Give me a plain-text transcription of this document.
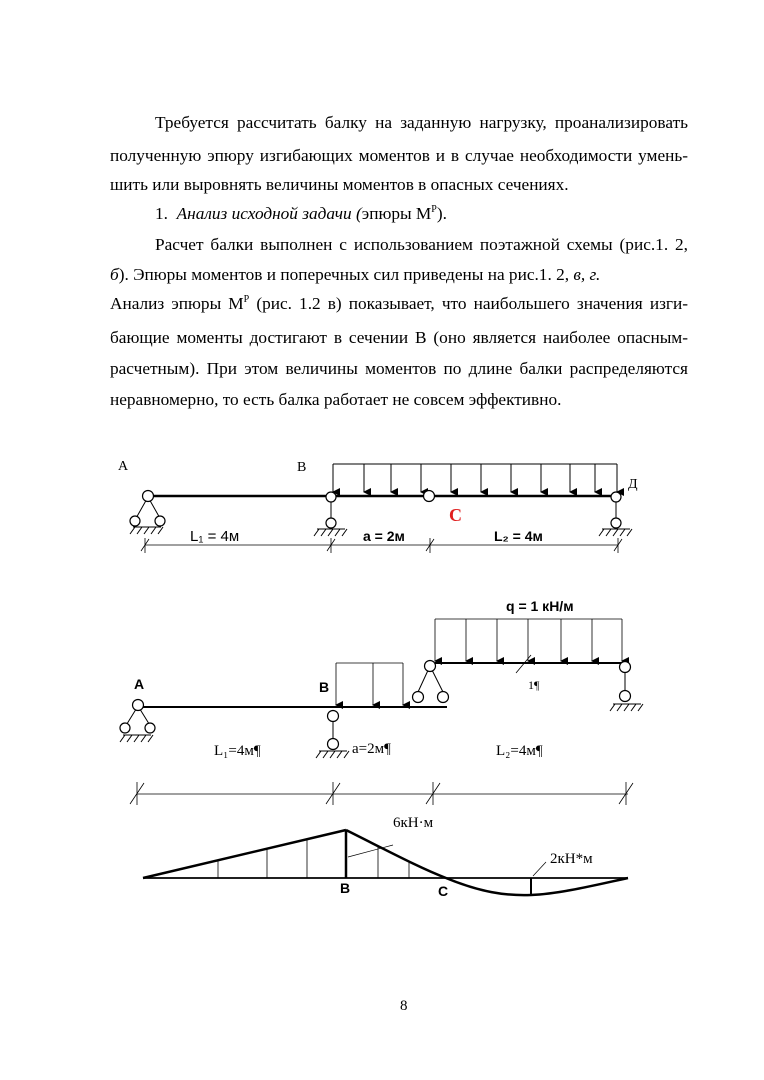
Требуется рассчитать балку на заданную нагрузку, проанализировать
полученную эпюру изгибающих моментов и в случае необходимости умень-
шить или выровнять величины моментов в опасных сечениях.
1. Анализ исходной задачи (эпюры $M^P$).
Расчет балки выполнен с использованием поэтажной схемы (рис.1. 2,
б). Эпюры моментов и поперечных сил приведены на рис.1. 2, в, г.
Анализ эпюры $M^P$ (рис. 1.2 в) показывает, что наибольшего значения изги-
бающие моменты достигают в сечении B (оно является наиболее опасным-
расчетным). При этом величины моментов по длине балки распределяются
неравномерно, то есть балка работает не совсем эффективно.
A	B
Д
C
L₁ = 4м	a = 2м	L₂ = 4м
q = 1 кН/м
1¶
A	B
L₁=4м¶	a=2м¶	L₂=4м¶
6кН·м
2кН*м
B	C
8
